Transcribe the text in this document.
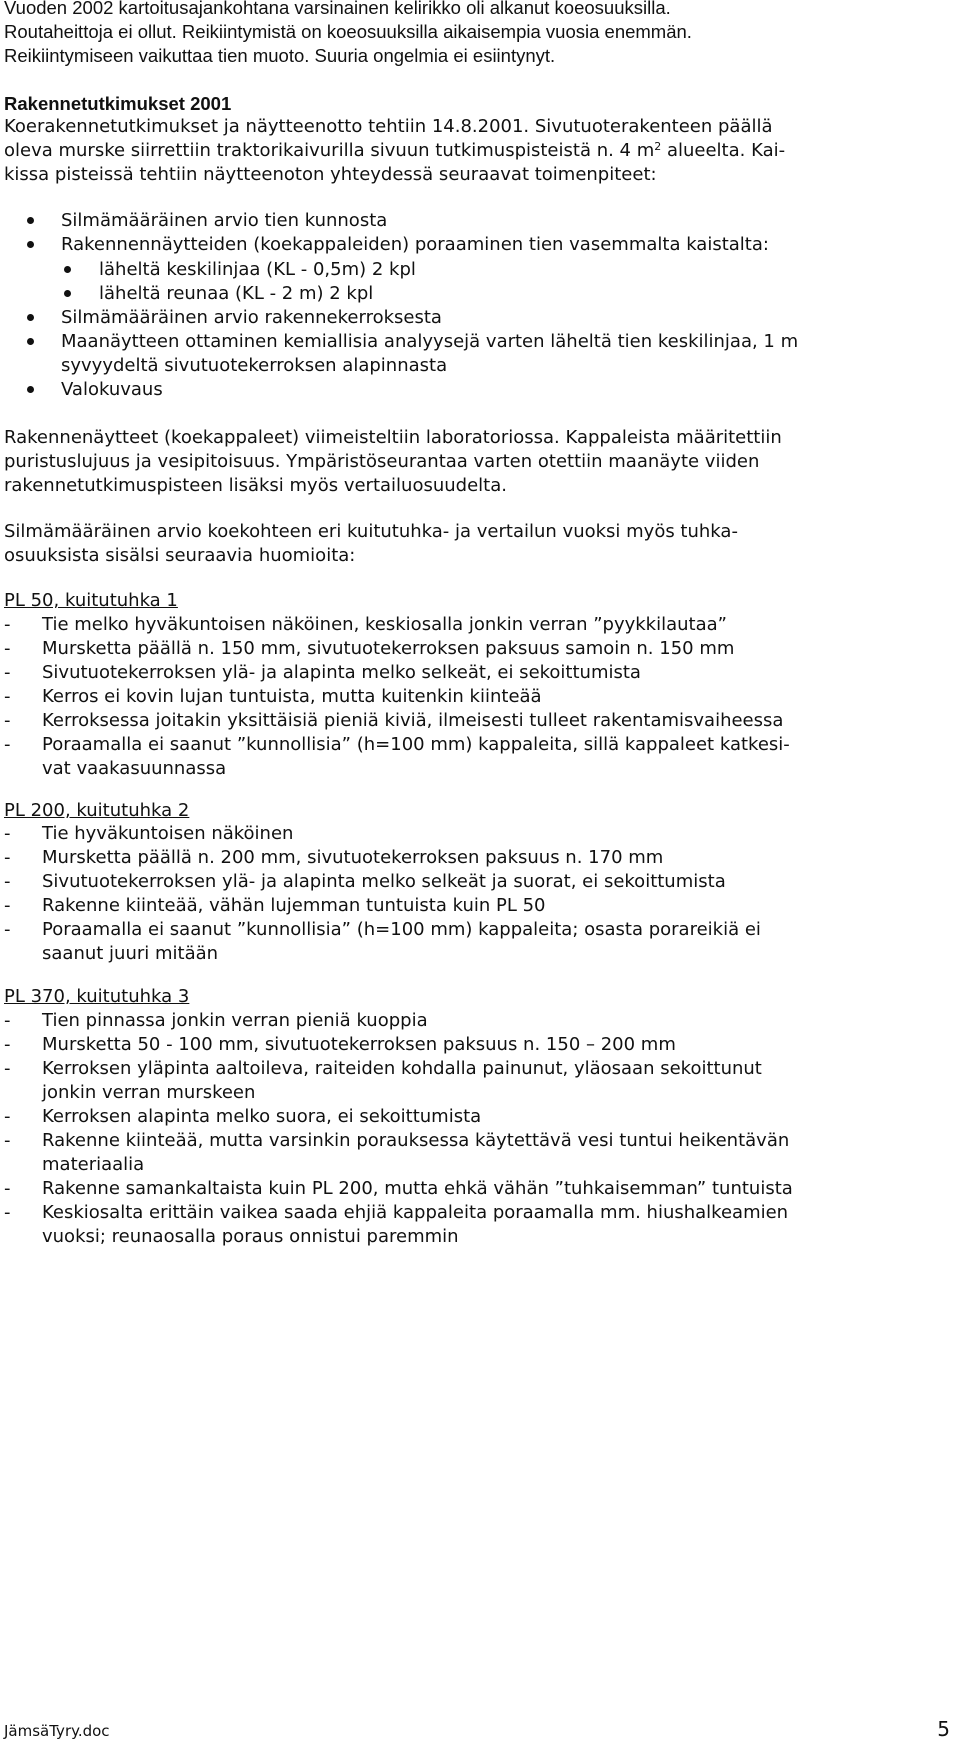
Vuoden 2002 kartoitusajankohtana varsinainen kelirikko oli alkanut koeosuuksilla.
Routaheittoja ei ollut. Reikiintymistä on koeosuuksilla aikaisempia vuosia enemmän.
Reikiintymiseen vaikuttaa tien muoto. Suuria ongelmia ei esiintynyt.
Rakennetutkimukset 2001
Koerakennetutkimukset ja näytteenotto tehtiin 14.8.2001. Sivutuoterakenteen päällä
oleva murske siirrettiin traktorikaivurilla sivuun tutkimuspisteistä n. 4 $m^2$ alueelta. Kai-
kissa pisteissä tehtiin näytteenoton yhteydessä seuraavat toimenpiteet:
Silmämääräinen arvio tien kunnosta
Rakennennäytteiden (koekappaleiden) poraaminen tien vasemmalta kaistalta:
läheltä keskilinjaa (KL - 0,5m) 2 kpl
läheltä reunaa (KL - 2 m) 2 kpl
Silmämääräinen arvio rakennekerroksesta
Maanäytteen ottaminen kemiallisia analyysejä varten läheltä tien keskilinjaa, 1 m
syvyydeltä sivutuotekerroksen alapinnasta
Valokuvaus
Rakennenäytteet (koekappaleet) viimeisteltiin laboratoriossa. Kappaleista määritettiin
puristuslujuus ja vesipitoisuus. Ympäristöseurantaa varten otettiin maanäyte viiden
rakennetutkimuspisteen lisäksi myös vertailuosuudelta.
Silmämääräinen arvio koekohteen eri kuitutuhka- ja vertailun vuoksi myös tuhka-
osuuksista sisälsi seuraavia huomioita:
PL 50, kuitutuhka 1
- Tie melko hyväkuntoisen näköinen, keskiosalla jonkin verran ”pyykkilautaa”
- Mursketta päällä n. 150 mm, sivutuotekerroksen paksuus samoin n. 150 mm
- Sivutuotekerroksen ylä- ja alapinta melko selkeät, ei sekoittumista
- Kerros ei kovin lujan tuntuista, mutta kuitenkin kiinteää
- Kerroksessa joitakin yksittäisiä pieniä kiviä, ilmeisesti tulleet rakentamisvaiheessa
- Poraamalla ei saanut ”kunnollisia” (h=100 mm) kappaleita, sillä kappaleet katkesi-
vat vaakasuunnassa
PL 200, kuitutuhka 2
- Tie hyväkuntoisen näköinen
- Mursketta päällä n. 200 mm, sivutuotekerroksen paksuus n. 170 mm
- Sivutuotekerroksen ylä- ja alapinta melko selkeät ja suorat, ei sekoittumista
- Rakenne kiinteää, vähän lujemman tuntuista kuin PL 50
- Poraamalla ei saanut ”kunnollisia” (h=100 mm) kappaleita; osasta porareikiä ei
saanut juuri mitään
PL 370, kuitutuhka 3
- Tien pinnassa jonkin verran pieniä kuoppia
- Mursketta 50 - 100 mm, sivutuotekerroksen paksuus n. 150 – 200 mm
- Kerroksen yläpinta aaltoileva, raiteiden kohdalla painunut, yläosaan sekoittunut
jonkin verran murskeen
- Kerroksen alapinta melko suora, ei sekoittumista
- Rakenne kiinteää, mutta varsinkin porauksessa käytettävä vesi tuntui heikentävän
materiaalia
- Rakenne samankaltaista kuin PL 200, mutta ehkä vähän ”tuhkaisemman” tuntuista
- Keskiosalta erittäin vaikea saada ehjiä kappaleita poraamalla mm. hiushalkeamien
vuoksi; reunaosalla poraus onnistui paremmin
JämsäTyry.doc	5
